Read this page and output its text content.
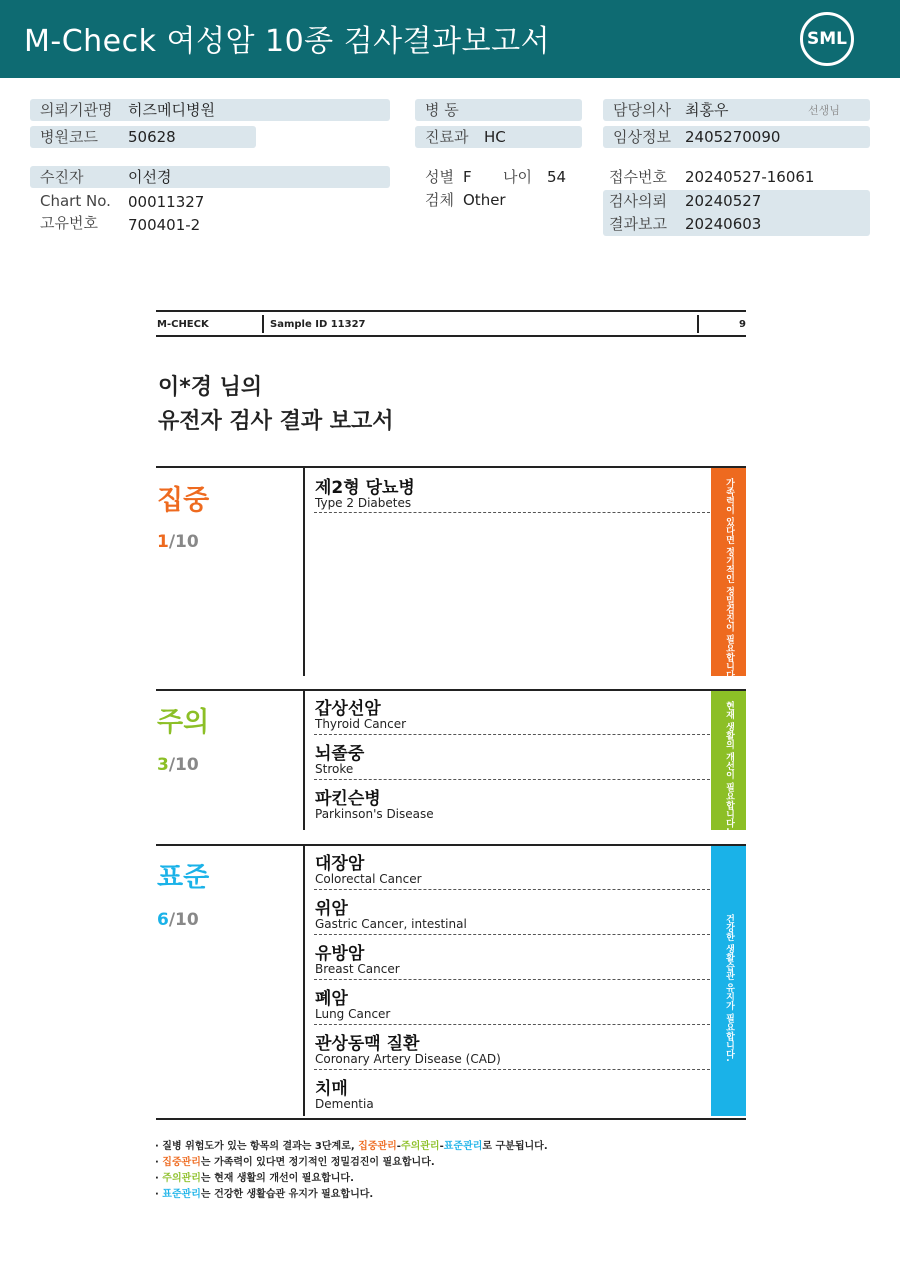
M-Check 여성암 10종 검사결과보고서	SML
의뢰기관명	히즈메디병원
병원코드	50628
병 동
진료과	HC
담당의사 최홍우	선생님
임상정보 2405270090
수진자	이선경
Chart No. 00011327
고유번호 700401-2
성별 F 나이 54
검체 Other
접수번호 20240527-16061
검사의뢰 20240527
결과보고 20240603
M-CHECK	Sample ID 11327	9
이*경 님의
유전자 검사 결과 보고서
집중
1/10	가족력이 있다면 정기적인 정밀검진이 필요합니다.
제2형 당뇨병
Type 2 Diabetes
주의
3/10	현재 생활의 개선이 필요합니다.
갑상선암
Thyroid Cancer
뇌졸중
Stroke
파킨슨병
Parkinson's Disease
표준
6/10	건강한 생활습관 유지가 필요합니다.
대장암
Colorectal Cancer
위암
Gastric Cancer, intestinal
유방암
Breast Cancer
폐암
Lung Cancer
관상동맥 질환
Coronary Artery Disease (CAD)
치매
Dementia
· 질병 위험도가 있는 항목의 결과는 3단계로, 집중관리-주의관리-표준관리로 구분됩니다.
· 집중관리는 가족력이 있다면 정기적인 정밀검진이 필요합니다.
· 주의관리는 현재 생활의 개선이 필요합니다.
· 표준관리는 건강한 생활습관 유지가 필요합니다.
